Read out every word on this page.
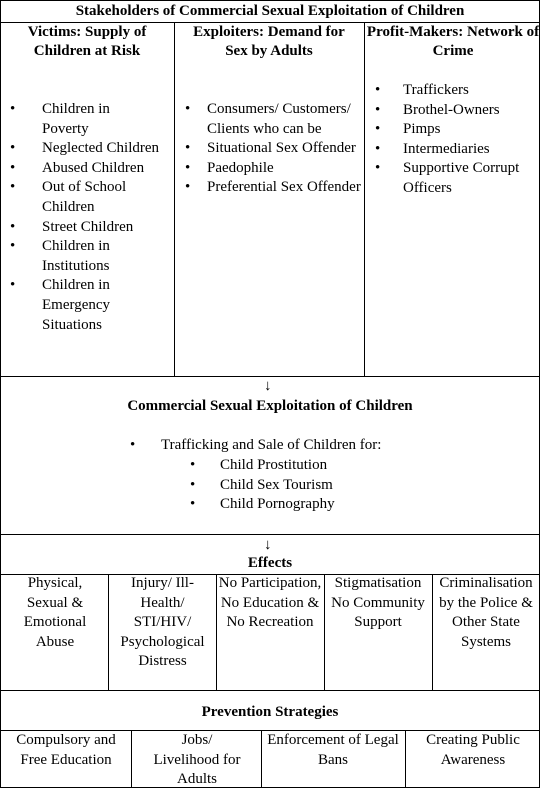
Stakeholders of Commercial Sexual Exploitation of Children
Victims: Supply of Children at Risk
• Children in Poverty
• Neglected Children
• Abused Children
• Out of School Children
• Street Children
• Children in Institutions
• Children in Emergency Situations
Exploiters: Demand for Sex by Adults
• Consumers/ Customers/ Clients who can be
• Situational Sex Offender
• Paedophile
• Preferential Sex Offender
Profit-Makers: Network of Crime
• Traffickers
• Brothel-Owners
• Pimps
• Intermediaries
• Supportive Corrupt Officers
↓
Commercial Sexual Exploitation of Children
• Trafficking and Sale of Children for:
• Child Prostitution
• Child Sex Tourism
• Child Pornography
↓
Effects
Physical, Sexual & Emotional Abuse
Injury/ Ill-Health/ STI/HIV/ Psychological Distress
No Participation, No Education & No Recreation
Stigmatisation No Community Support
Criminalisation by the Police & Other State Systems
Prevention Strategies
Compulsory and Free Education
Jobs/ Livelihood for Adults
Enforcement of Legal Bans
Creating Public Awareness
